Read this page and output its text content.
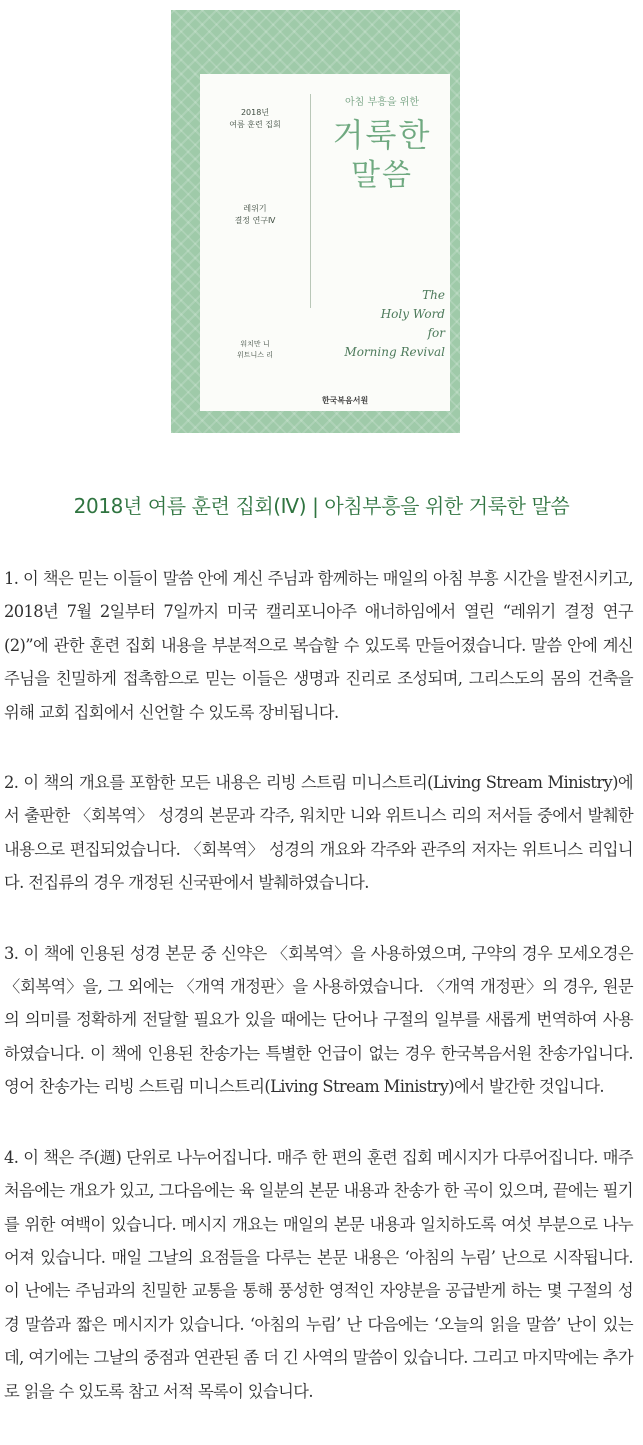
2018년
여름 훈련 집회
레위기
결정 연구Ⅳ
워치만 니
위트니스 리
아침 부흥을 위한
거룩한
말씀
The
Holy Word
for
Morning Revival
한국복음서원
2018년 여름 훈련 집회(Ⅳ) | 아침부흥을 위한 거룩한 말씀

1. 이 책은 믿는 이들이 말씀 안에 계신 주님과 함께하는 매일의 아침 부흥 시간을 발전시키고, 2018년 7월 2일부터 7일까지 미국 캘리포니아주 애너하임에서 열린 “레위기 결정 연구(2)”에 관한 훈련 집회 내용을 부분적으로 복습할 수 있도록 만들어졌습니다. 말씀 안에 계신 주님을 친밀하게 접촉함으로 믿는 이들은 생명과 진리로 조성되며, 그리스도의 몸의 건축을 위해 교회 집회에서 신언할 수 있도록 장비됩니다.

2. 이 책의 개요를 포함한 모든 내용은 리빙 스트림 미니스트리(Living Stream Ministry)에서 출판한 〈회복역〉 성경의 본문과 각주, 워치만 니와 위트니스 리의 저서들 중에서 발췌한 내용으로 편집되었습니다. 〈회복역〉 성경의 개요와 각주와 관주의 저자는 위트니스 리입니다. 전집류의 경우 개정된 신국판에서 발췌하였습니다.

3. 이 책에 인용된 성경 본문 중 신약은 〈회복역〉을 사용하였으며, 구약의 경우 모세오경은 〈회복역〉을, 그 외에는 〈개역 개정판〉을 사용하였습니다. 〈개역 개정판〉의 경우, 원문의 의미를 정확하게 전달할 필요가 있을 때에는 단어나 구절의 일부를 새롭게 번역하여 사용하였습니다. 이 책에 인용된 찬송가는 특별한 언급이 없는 경우 한국복음서원 찬송가입니다. 영어 찬송가는 리빙 스트림 미니스트리(Living Stream Ministry)에서 발간한 것입니다.

4. 이 책은 주(週) 단위로 나누어집니다. 매주 한 편의 훈련 집회 메시지가 다루어집니다. 매주 처음에는 개요가 있고, 그다음에는 육 일분의 본문 내용과 찬송가 한 곡이 있으며, 끝에는 필기를 위한 여백이 있습니다. 메시지 개요는 매일의 본문 내용과 일치하도록 여섯 부분으로 나누어져 있습니다. 매일 그날의 요점들을 다루는 본문 내용은 ‘아침의 누림’ 난으로 시작됩니다. 이 난에는 주님과의 친밀한 교통을 통해 풍성한 영적인 자양분을 공급받게 하는 몇 구절의 성경 말씀과 짧은 메시지가 있습니다. ‘아침의 누림’ 난 다음에는 ‘오늘의 읽을 말씀’ 난이 있는데, 여기에는 그날의 중점과 연관된 좀 더 긴 사역의 말씀이 있습니다. 그리고 마지막에는 추가로 읽을 수 있도록 참고 서적 목록이 있습니다.
